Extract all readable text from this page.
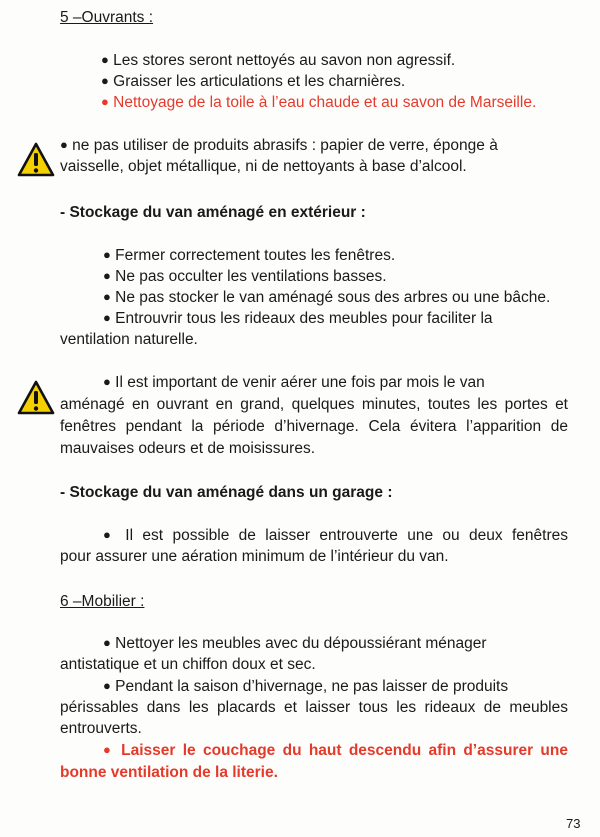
5 –Ouvrants :
● Les stores seront nettoyés au savon non agressif.
● Graisser les articulations et les charnières.
● Nettoyage de la toile à l’eau chaude et au savon de Marseille.
● ne pas utiliser de produits abrasifs : papier de verre, éponge à
vaisselle, objet métallique, ni de nettoyants à base d’alcool.
- Stockage du van aménagé en extérieur :
● Fermer correctement toutes les fenêtres.
● Ne pas occulter les ventilations basses.
● Ne pas stocker le van aménagé sous des arbres ou une bâche.
● Entrouvrir tous les rideaux des meubles pour faciliter la
ventilation naturelle.
● Il est important de venir aérer une fois par mois le van
aménagé en ouvrant en grand, quelques minutes, toutes les portes et
fenêtres pendant la période d’hivernage. Cela évitera l’apparition de
mauvaises odeurs et de moisissures.
- Stockage du van aménagé dans un garage :
● Il est possible de laisser entrouverte une ou deux fenêtres
pour assurer une aération minimum de l’intérieur du van.
6 –Mobilier :
● Nettoyer les meubles avec du dépoussiérant ménager
antistatique et un chiffon doux et sec.
● Pendant la saison d’hivernage, ne pas laisser de produits
périssables dans les placards et laisser tous les rideaux de meubles
entrouverts.
● Laisser le couchage du haut descendu afin d’assurer une
bonne ventilation de la literie.
73
